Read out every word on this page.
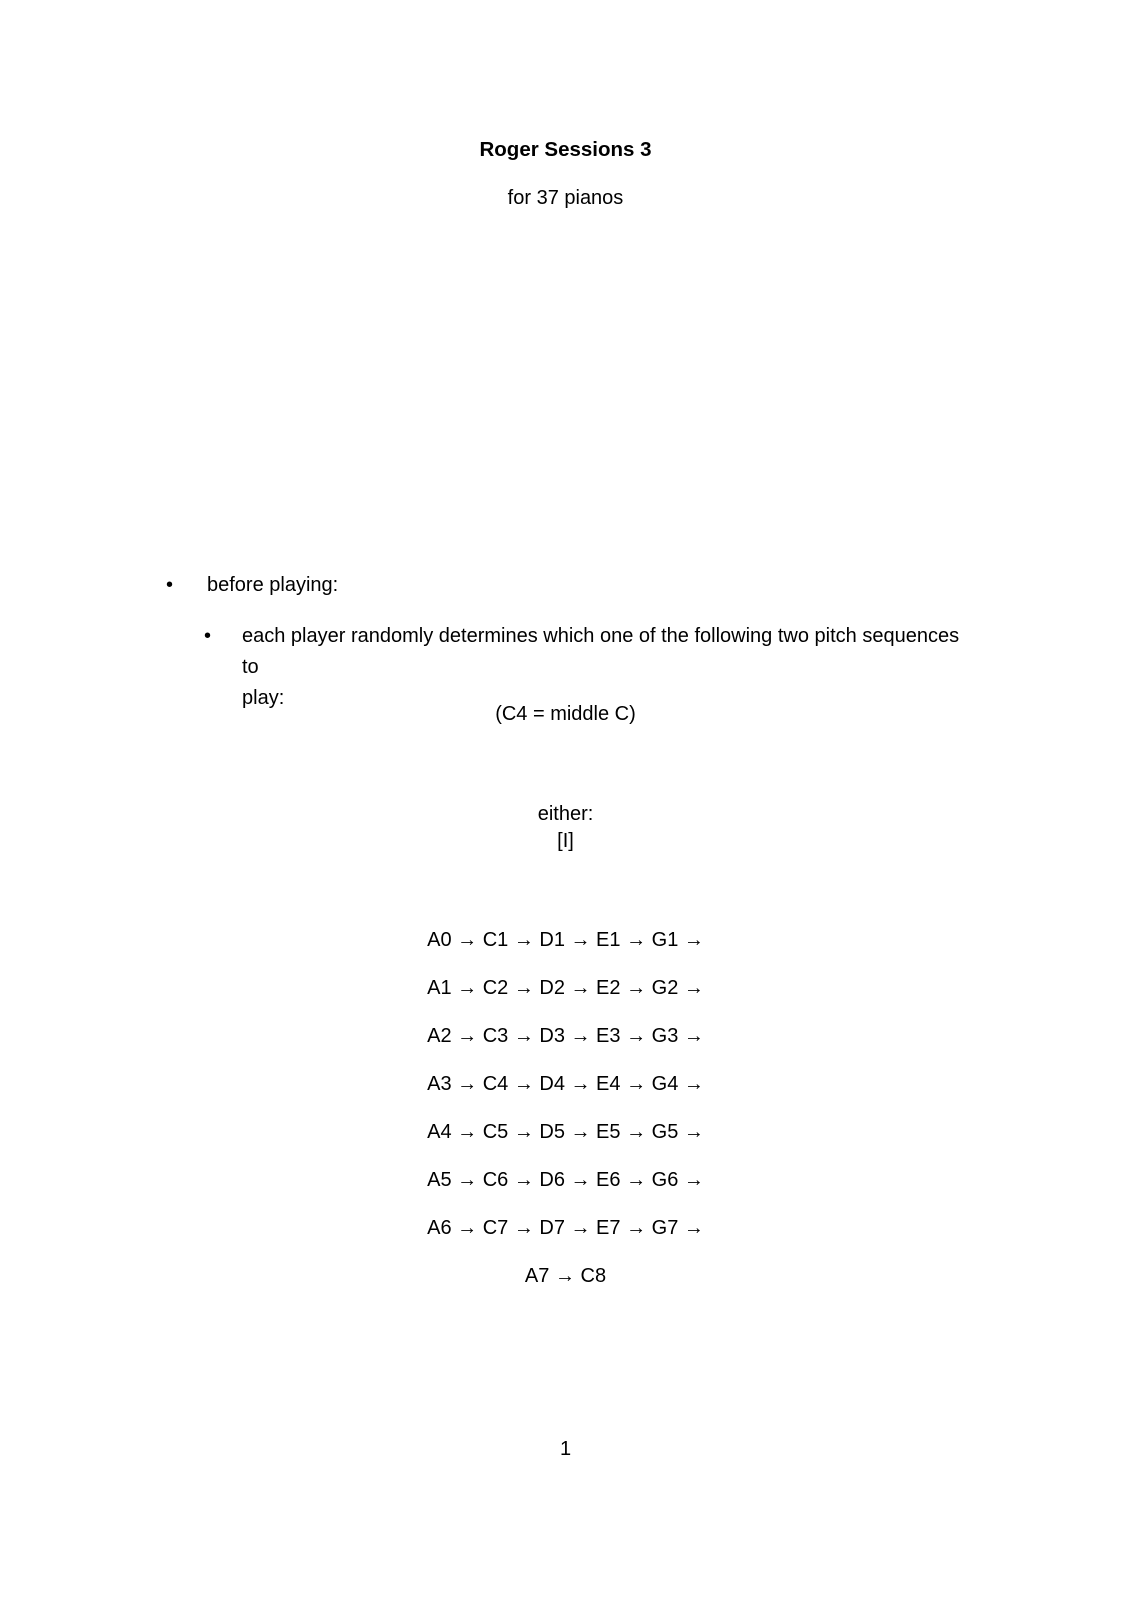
Roger Sessions 3
for 37 pianos
•	before playing:
•	each player randomly determines which one of the following two pitch sequences to
play:
(C4 = middle C)
either:
[I]
A0 → C1 → D1 → E1 → G1 →
A1 → C2 → D2 → E2 → G2 →
A2 → C3 → D3 → E3 → G3 →
A3 → C4 → D4 → E4 → G4 →
A4 → C5 → D5 → E5 → G5 →
A5 → C6 → D6 → E6 → G6 →
A6 → C7 → D7 → E7 → G7 →
A7 → C8
1
